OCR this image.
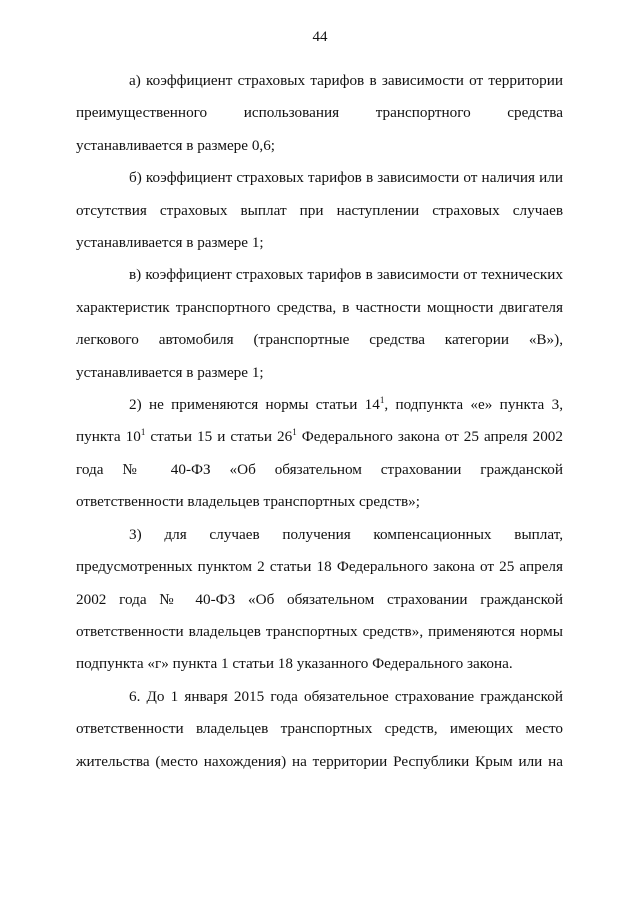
44
а) коэффициент страховых тарифов в зависимости от территории
преимущественного использования транспортного средства
устанавливается в размере 0,6;
б) коэффициент страховых тарифов в зависимости от наличия или
отсутствия страховых выплат при наступлении страховых случаев
устанавливается в размере 1;
в) коэффициент страховых тарифов в зависимости от технических
характеристик транспортного средства, в частности мощности двигателя
легкового автомобиля (транспортные средства категории «В»),
устанавливается в размере 1;
2) не применяются нормы статьи $14^1$, подпункта «е» пункта 3,
пункта $10^1$ статьи 15 и статьи $26^1$ Федерального закона от 25 апреля 2002
года № 40-ФЗ «Об обязательном страховании гражданской
ответственности владельцев транспортных средств»;
3) для случаев получения компенсационных выплат,
предусмотренных пунктом 2 статьи 18 Федерального закона от 25 апреля
2002 года № 40-ФЗ «Об обязательном страховании гражданской
ответственности владельцев транспортных средств», применяются нормы
подпункта «г» пункта 1 статьи 18 указанного Федерального закона.
6. До 1 января 2015 года обязательное страхование гражданской
ответственности владельцев транспортных средств, имеющих место
жительства (место нахождения) на территории Республики Крым или на
